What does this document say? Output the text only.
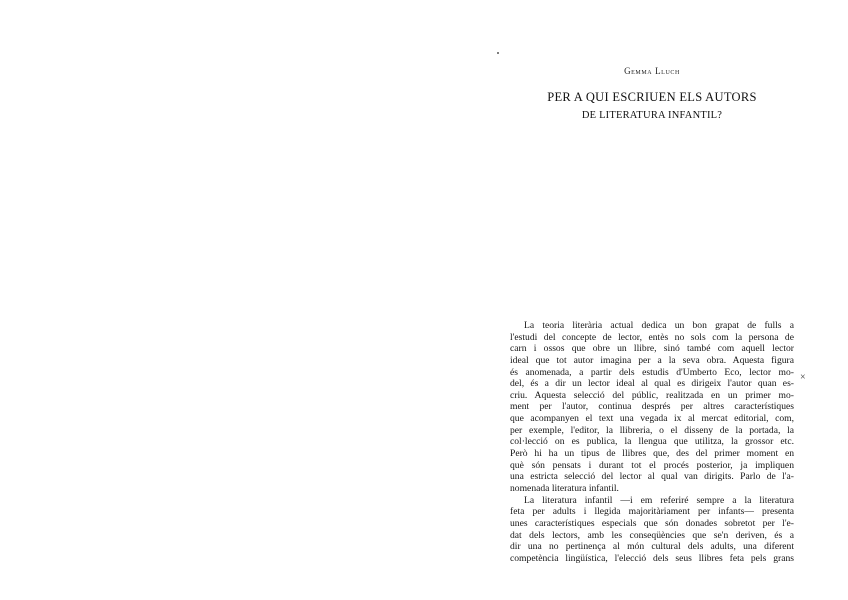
Gemma Lluch
PER A QUI ESCRIUEN ELS AUTORS
DE LITERATURA INFANTIL?
La teoria literària actual dedica un bon grapat de fulls a
l'estudi del concepte de lector, entès no sols com la persona de
carn i ossos que obre un llibre, sinó també com aquell lector
ideal que tot autor imagina per a la seva obra. Aquesta figura
és anomenada, a partir dels estudis d'Umberto Eco, lector mo-
del, és a dir un lector ideal al qual es dirigeix l'autor quan es-
criu. Aquesta selecció del públic, realitzada en un primer mo-
ment per l'autor, continua després per altres característiques
que acompanyen el text una vegada ix al mercat editorial, com,
per exemple, l'editor, la llibreria, o el disseny de la portada, la
col·lecció on es publica, la llengua que utilitza, la grossor etc.
Però hi ha un tipus de llibres que, des del primer moment en
què són pensats i durant tot el procés posterior, ja impliquen
una estricta selecció del lector al qual van dirigits. Parlo de l'a-
nomenada literatura infantil.
La literatura infantil —i em referiré sempre a la literatura
feta per adults i llegida majoritàriament per infants— presenta
unes característiques especials que són donades sobretot per l'e-
dat dels lectors, amb les conseqüències que se'n deriven, és a
dir una no pertinença al món cultural dels adults, una diferent
competència lingüística, l'elecció dels seus llibres feta pels grans
×
